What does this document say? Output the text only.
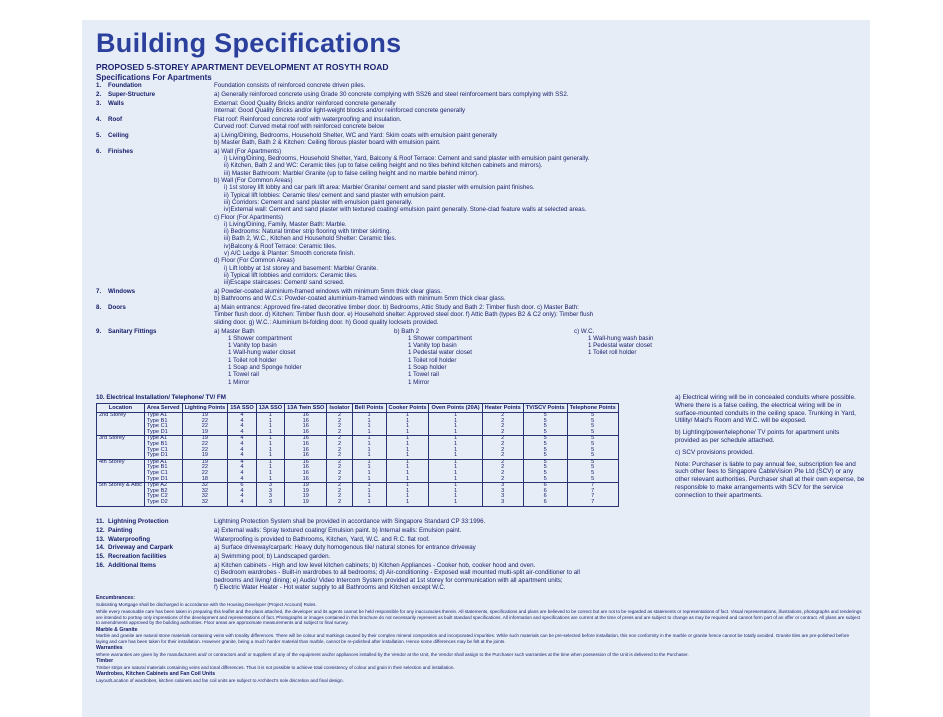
Building Specifications
PROPOSED 5-STOREY APARTMENT DEVELOPMENT AT ROSYTH ROAD
Specifications For Apartments
1.	Foundation	Foundation consists of reinforced concrete driven piles.
2.	Super-Structure	a) Generally reinforced concrete using Grade 30 concrete complying with SS26 and steel reinforcement bars complying with SS2.
3.	Walls	External: Good Quality Bricks and/or reinforced concrete generally
Internal: Good Quality Bricks and/or light-weight blocks and/or reinforced concrete generally
4.	Roof	Flat roof: Reinforced concrete roof with waterproofing and insulation.
Curved roof: Curved metal roof with reinforced concrete below
5.	Ceiling	a) Living/Dining, Bedrooms, Household Shelter, WC and Yard: Skim coats with emulsion paint generally
b) Master Bath, Bath 2 & Kitchen: Ceiling fibrous plaster board with emulsion paint.
6.	Finishes	a) Wall (For Apartments)
i) Living/Dining, Bedrooms, Household Shelter, Yard, Balcony & Roof Terrace: Cement and sand plaster with emulsion paint generally.
ii) Kitchen, Bath 2 and WC: Ceramic tiles (up to false ceiling height and no tiles behind kitchen cabinets and mirrors).
iii) Master Bathroom: Marble/ Granite (up to false ceiling height and no marble behind mirror).
b) Wall (For Common Areas)
i) 1st storey lift lobby and car park lift area: Marble/ Granite/ cement and sand plaster with emulsion paint finishes.
ii) Typical lift lobbies: Ceramic tiles/ cement and sand plaster with emulsion paint.
iii) Corridors: Cement and sand plaster with emulsion paint generally.
iv)External wall: Cement and sand plaster with textured coating/ emulsion paint generally. Stone-clad feature walls at selected areas.
c) Floor (For Apartments)
i) Living/Dining, Family, Master Bath: Marble.
ii) Bedrooms: Natural timber strip flooring with timber skirting.
iii) Bath 2, W.C., Kitchen and Household Shelter: Ceramic tiles.
iv)Balcony & Roof Terrace: Ceramic tiles.
v) A/C Ledge & Planter: Smooth concrete finish.
d) Floor (For Common Areas)
i) Lift lobby at 1st storey and basement: Marble/ Granite.
ii) Typical lift lobbies and corridors: Ceramic tiles.
iii)Escape staircases: Cement/ sand screed.
7.	Windows	a) Powder-coated aluminium-framed windows with minimum 5mm thick clear glass.
b) Bathrooms and W.C.s: Powder-coated aluminium-framed windows with minimum 5mm thick clear glass.
8.	Doors	a) Main entrance: Approved fire-rated decorative timber door. b) Bedrooms, Attic Study and Bath 2: Timber flush door. c) Master Bath:
Timber flush door. d) Kitchen: Timber flush door. e) Household shelter: Approved steel door. f) Attic Bath (types B2 & C2 only): Timber flush
sliding door. g) W.C.: Aluminium bi-folding door. h) Good quality locksets provided.
9.	Sanitary Fittings	a) Master Bath
1 Shower compartment
1 Vanity top basin
1 Wall-hung water closet
1 Toilet roll holder
1 Soap and Sponge holder
1 Towel rail
1 Mirror
b) Bath 2
1 Shower compartment
1 Vanity top basin
1 Pedestal water closet
1 Toilet roll holder
1 Soap holder
1 Towel rail
1 Mirror
c) W.C.
1 Wall-hung wash basin
1 Pedestal water closet
1 Toilet roll holder
10. Electrical Installation/ Telephone/ TV/ FM
Location	Area Served	Lighting Points	15A SSO	13A SSO	13A Twin SSO	Isolator	Bell Points	Cooker Points	Oven Points (20A)	Heater Points	TV/SCV Points	Telephone Points
2nd Storey	Type A1	19	4	1	16	2	1	1	1	2	5	5
	Type B1	22	4	1	16	2	1	1	1	2	5	5
	Type C1	22	4	1	16	2	1	1	1	2	5	5
	Type D1	19	4	1	16	2	1	1	1	2	5	5
3rd Storey	Type A1	19	4	1	16	2	1	1	1	2	5	5
	Type B1	22	4	1	16	2	1	1	1	2	5	5
	Type C1	22	4	1	16	2	1	1	1	2	5	5
	Type D1	19	4	1	16	2	1	1	1	2	5	5
4th Storey	Type A1	19	4	1	16	2	1	1	1	2	5	5
	Type B1	22	4	1	16	2	1	1	1	2	5	5
	Type C1	22	4	1	16	2	1	1	1	2	5	5
	Type D1	18	4	1	16	2	1	1	1	2	5	5
5th Storey & Attic	Type A2	32	6	3	19	2	1	1	1	3	6	7
	Type B2	32	4	3	19	2	1	1	1	3	6	7
	Type C2	32	4	3	19	2	1	1	1	3	6	7
	Type D2	32	4	3	19	2	1	1	1	3	6	7

a) Electrical wiring will be in concealed conduits where possible. Where there is a false ceiling, the electrical wiring will be in surface-mounted conduits in the ceiling space. Trunking in Yard, Utility/ Maid's Room and W.C. will be exposed.

b) Lighting/power/telephone/ TV points for apartment units provided as per schedule attached.

c) SCV provisions provided.

Note: Purchaser is liable to pay annual fee, subscription fee and such other fees to Singapore CableVision Pte Ltd (SCV) or any other relevant authorities. Purchaser shall at their own expense, be responsible to make arrangements with SCV for the service connection to their apartments.

11. Lightning Protection	Lightning Protection System shall be provided in accordance with Singapore Standard CP 33:1996.
12. Painting	a) External walls: Spray textured coating/ Emulsion paint. b) Internal walls: Emulsion paint.
13. Waterproofing	Waterproofing is provided to Bathrooms, Kitchen, Yard, W.C. and R.C. flat roof.
14. Driveway and Carpark	a) Surface driveway/carpark: Heavy duty homogenous tile/ natural stones for entrance driveway
15. Recreation facilities	a) Swimming pool; b) Landscaped garden.
16. Additional Items	a) Kitchen cabinets - High and low level kitchen cabinets; b) Kitchen Appliances - Cooker hob, cooker hood and oven.
c) Bedroom wardrobes - Built-in wardrobes to all bedrooms; d) Air-conditioning - Exposed wall mounted multi-split air-conditioner to all
bedrooms and living/ dining; e) Audio/ Video Intercom System provided at 1st storey for communication with all apartment units;
f) Electric Water Heater - Hot water supply to all Bathrooms and Kitchen except W.C.

Encumbrances:

Subsisting Mortgage shall be discharged in accordance with the Housing Developer (Project Account) Rules.

While every reasonable care has been taken in preparing this leaflet and the plans attached, the developer and its agents cannot be held responsible for any inaccuracies therein. All statements, specifications and plans are believed to be correct but are not to be regarded as statements or representations of fact. Visual representations, illustrations, photographs and renderings are intended to portray only impressions of the development and representations of fact. Photographs or images contained in this brochure do not necessarily represent as built standard specifications. All information and specifications are current at the time of press and are subject to change as may be required and cannot form part of an offer or contract. All plans are subject to amendments approved by the building authorities. Floor areas are approximate measurements and subject to final survey.

Marble & Granite

Marble and granite are natural stone materials containing veins with tonality differences. There will be colour and markings caused by their complex mineral composition and incorporated impurities. While such materials can be pre-selected before installation, this non conformity in the marble or granite hence cannot be totally avoided. Granite tiles are pre-polished before laying and care has been taken for their installation. However granite, being a much harder material than marble, cannot be re-polished after installation. Hence some differences may be felt at the joints.

Warranties

Where warranties are given by the manufacturers and/ or contractors and/ or suppliers of any of the equipment and/or appliances installed by the Vendor at the Unit, the Vendor shall assign to the Purchaser such warranties at the time when possession of the Unit is delivered to the Purchaser.

Timber

Timber strips are natural materials containing veins and tonal differences. Thus it is not possible to achieve total consistency of colour and grain in their selection and installation.

Wardrobes, Kitchen Cabinets and Fan Coil Units

Layout/Location of wardrobes, kitchen cabinets and fan coil units are subject to Architect's sole discretion and final design.
